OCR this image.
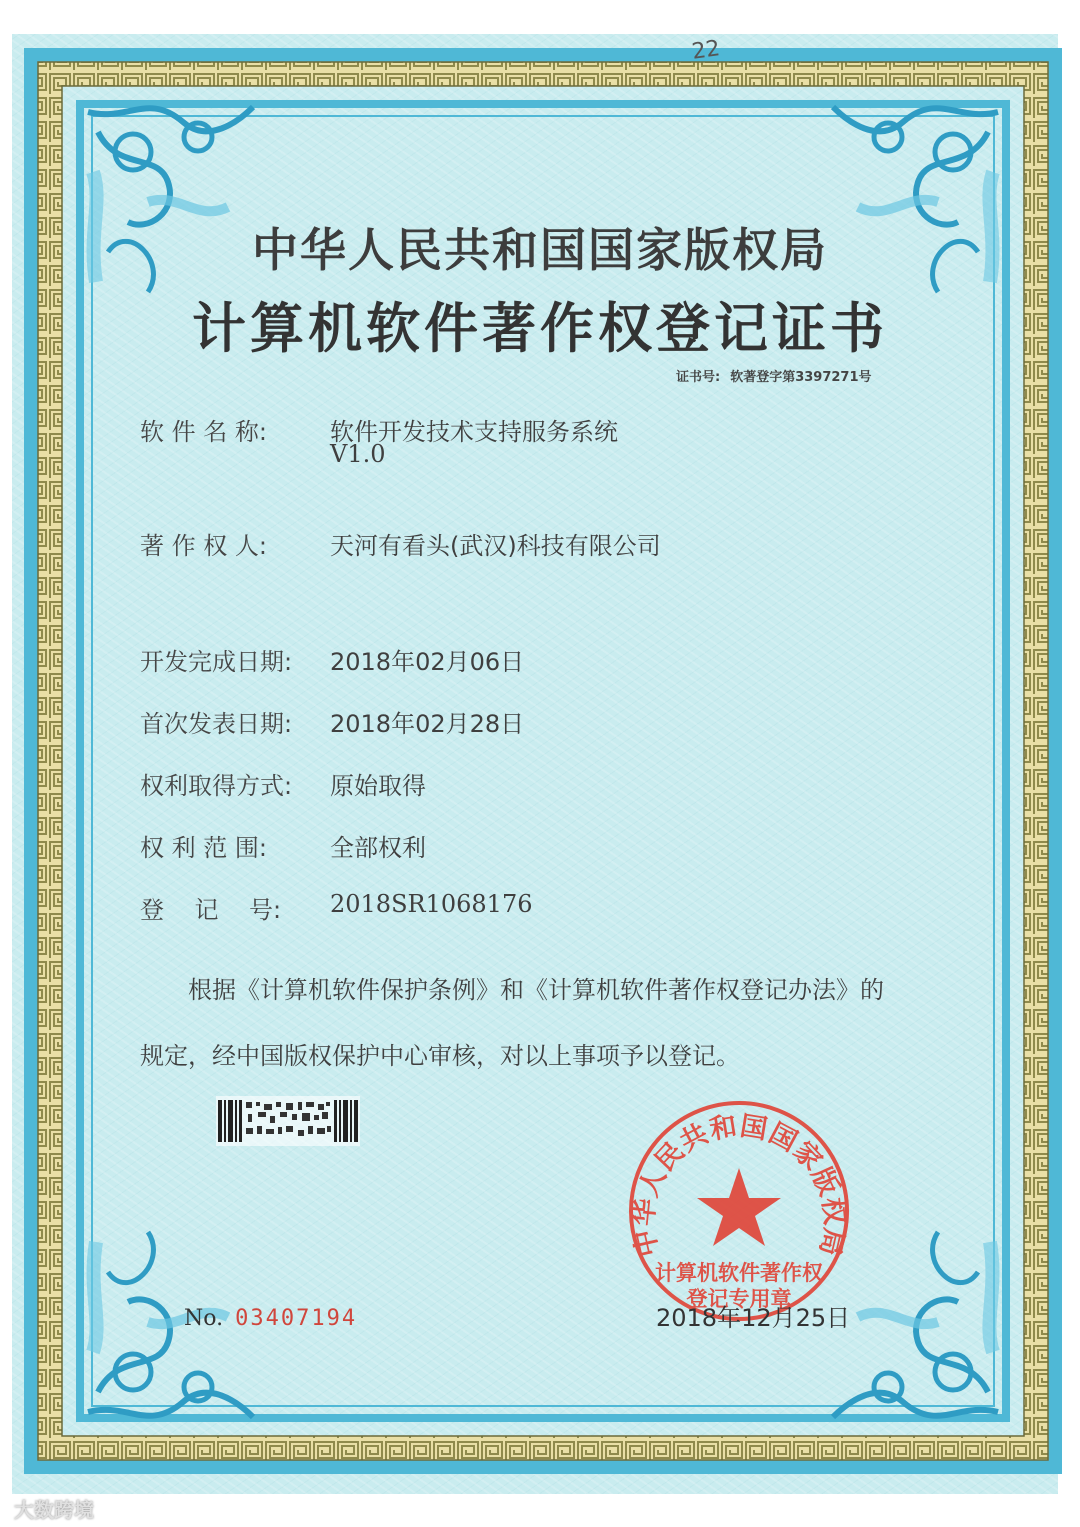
22
中华人民共和国国家版权局
计算机软件著作权登记证书
证书号: 软著登字第3397271号
软 件 名 称:	软件开发技术支持服务系统
V1.0
著 作 权 人:	天河有看头(武汉)科技有限公司
开发完成日期: 2018年02月06日
首次发表日期: 2018年02月28日
权利取得方式: 原始取得
权 利 范 围:	全部权利
登    记    号: 2018SR1068176
根据《计算机软件保护条例》和《计算机软件著作权登记办法》的
规定，经中国版权保护中心审核，对以上事项予以登记。
中华人民共和国国家版权局
计算机软件著作权
登记专用章
No. 03407194	2018年12月25日
大数跨境
